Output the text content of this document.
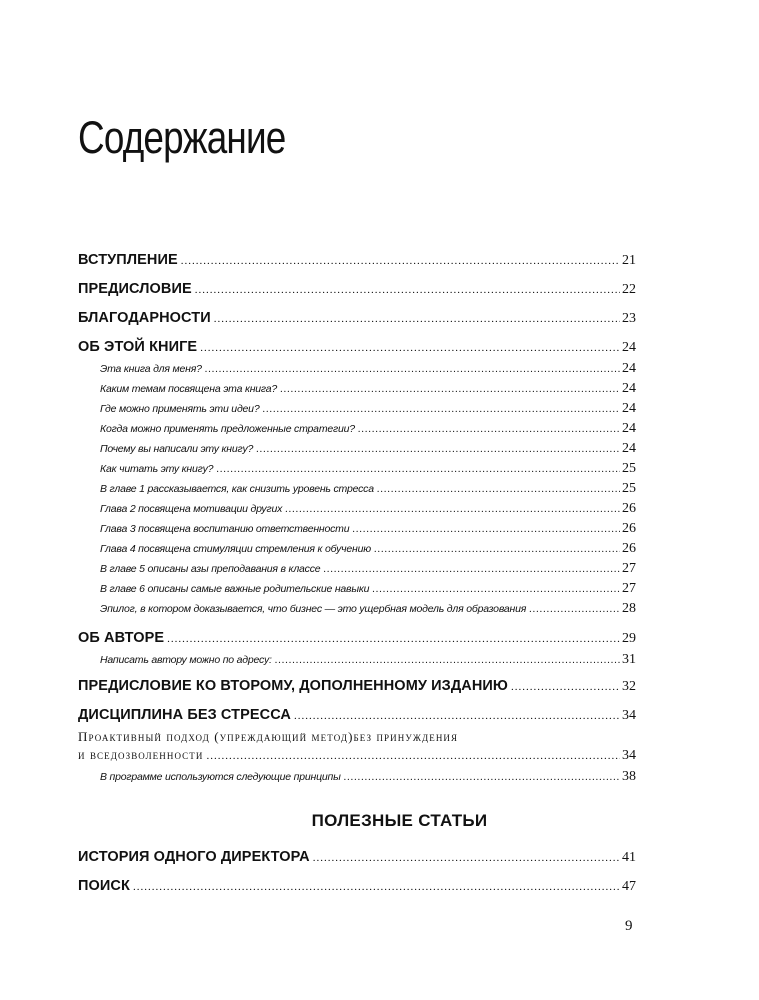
Содержание
ВСТУПЛЕНИЕ .....	21
ПРЕДИСЛОВИЕ .....	22
БЛАГОДАРНОСТИ .....	23
ОБ ЭТОЙ КНИГЕ .....	24
Эта книга для меня? .....	24
Каким темам посвящена эта книга? .....	24
Где можно применять эти идеи? .....	24
Когда можно применять предложенные стратегии? .....	24
Почему вы написали эту книгу? .....	24
Как читать эту книгу? .....	25
В главе 1 рассказывается, как снизить уровень стресса .....	25
Глава 2 посвящена мотивации других .....	26
Глава 3 посвящена воспитанию ответственности .....	26
Глава 4 посвящена стимуляции стремления к обучению .....	26
В главе 5 описаны азы преподавания в классе .....	27
В главе 6 описаны самые важные родительские навыки .....	27
Эпилог, в котором доказывается, что бизнес — это ущербная модель для образования .....	28
ОБ АВТОРЕ .....	29
Написать автору можно по адресу: .....	31
ПРЕДИСЛОВИЕ КО ВТОРОМУ, ДОПОЛНЕННОМУ ИЗДАНИЮ .....	32
ДИСЦИПЛИНА БЕЗ СТРЕССА .....	34
Проактивный подход (упреждающий метод)без принуждения
и вседозволенности .....	34
В программе используются следующие принципы .....	38
ПОЛЕЗНЫЕ СТАТЬИ
ИСТОРИЯ ОДНОГО ДИРЕКТОРА .....	41
ПОИСК .....	47
9
